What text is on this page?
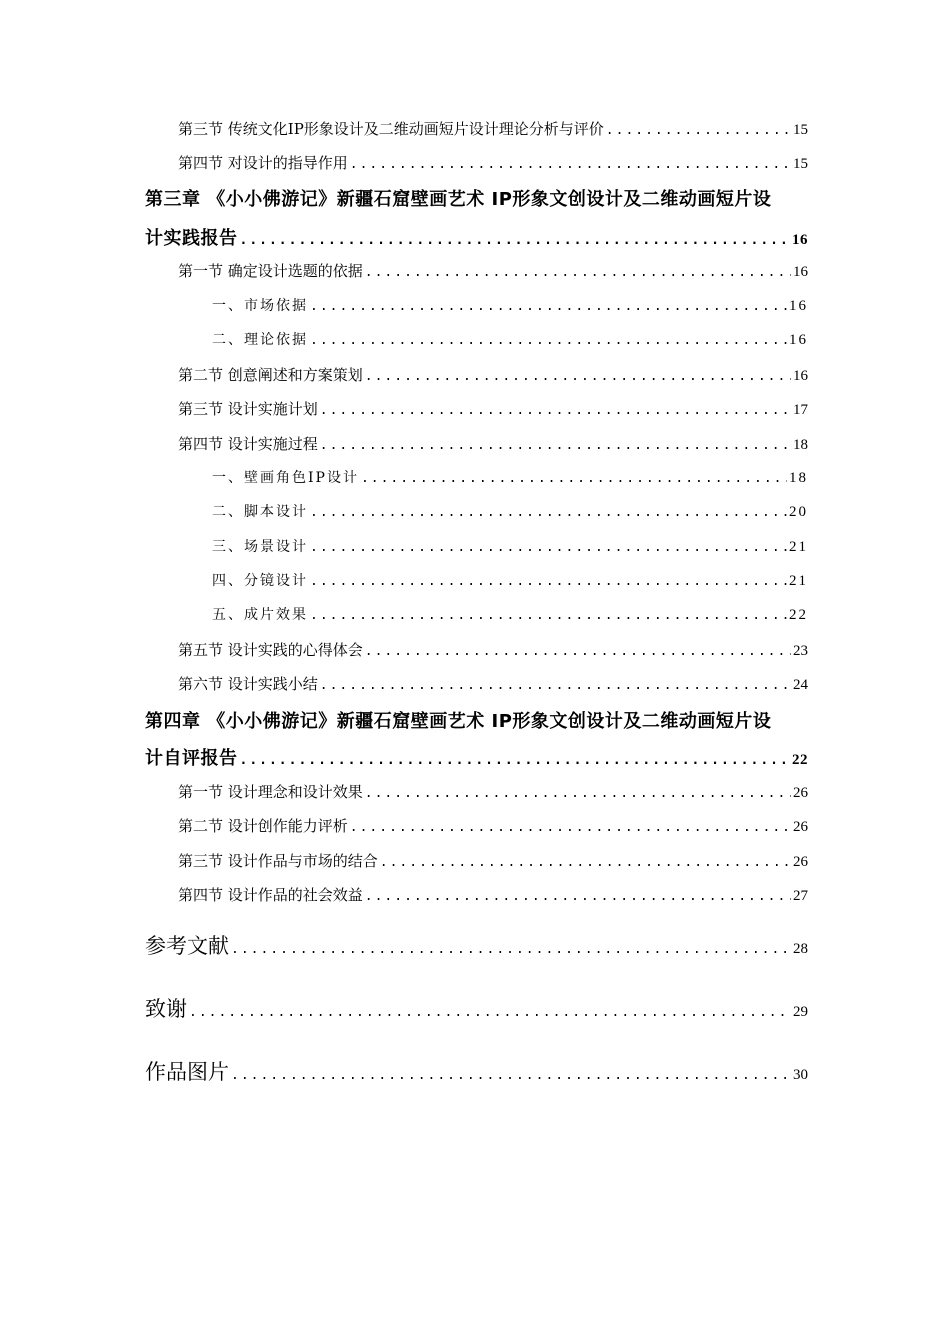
第三节 传统文化IP形象设计及二维动画短片设计理论分析与评价 .....	15
第四节 对设计的指导作用 .....	15
第三章 《小小佛游记》新疆石窟壁画艺术 IP形象文创设计及二维动画短片设
计实践报告 .....	16
第一节 确定设计选题的依据 .....	16
一、市场依据 .....	16
二、理论依据 .....	16
第二节 创意阐述和方案策划 .....	16
第三节 设计实施计划 .....	17
第四节 设计实施过程 .....	18
一、壁画角色IP设计 .....	18
二、脚本设计 .....	20
三、场景设计 .....	21
四、分镜设计 .....	21
五、成片效果 .....	22
第五节 设计实践的心得体会 .....	23
第六节 设计实践小结 .....	24
第四章 《小小佛游记》新疆石窟壁画艺术 IP形象文创设计及二维动画短片设
计自评报告 .....	22
第一节 设计理念和设计效果 .....	26
第二节 设计创作能力评析 .....	26
第三节 设计作品与市场的结合 .....	26
第四节 设计作品的社会效益 .....	27
参考文献 .....	28
致谢 .....	29
作品图片 .....	30
